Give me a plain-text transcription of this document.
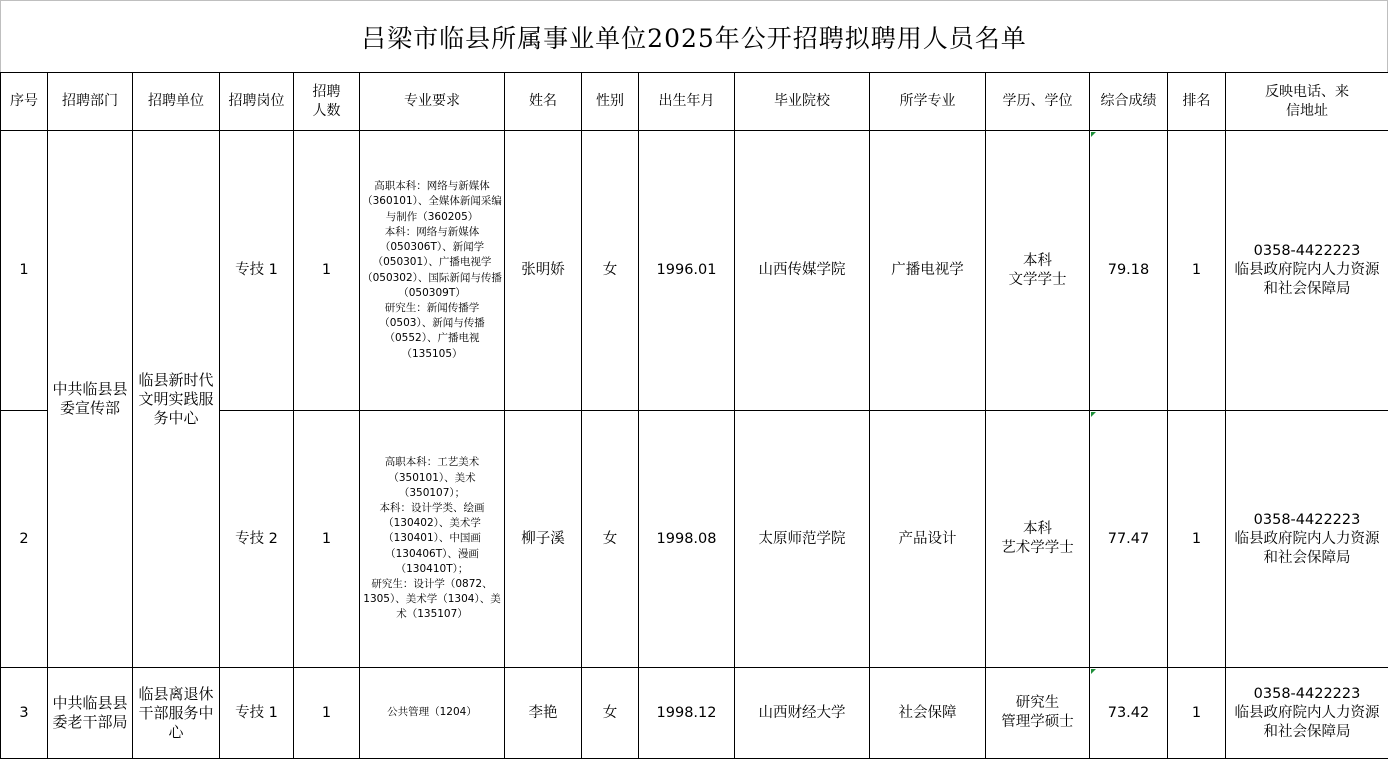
吕梁市临县所属事业单位2025年公开招聘拟聘用人员名单
序号	招聘部门	招聘单位	招聘岗位	招聘人数	专业要求	姓名	性别	出生年月	毕业院校	所学专业	学历、学位	综合成绩	排名	反映电话、来信地址
1	中共临县县委宣传部	临县新时代文明实践服务中心	专技 1	1	高职本科：网络与新媒体（360101）、全媒体新闻采编与制作（360205）
本科：网络与新媒体（050306T）、新闻学（050301）、广播电视学（050302）、国际新闻与传播（050309T）
研究生：新闻传播学（0503）、新闻与传播（0552）、广播电视（135105）	张明娇	女	1996.01	山西传媒学院	广播电视学	本科
文学学士	79.18	1	0358-4422223
临县政府院内人力资源和社会保障局
2			专技 2	1	高职本科：工艺美术（350101）、美术（350107）；
本科：设计学类、绘画（130402）、美术学（130401）、中国画（130406T）、漫画（130410T）；
研究生：设计学（0872、1305）、美术学（1304）、美术（135107）	柳子溪	女	1998.08	太原师范学院	产品设计	本科
艺术学学士	77.47	1	0358-4422223
临县政府院内人力资源和社会保障局
3	中共临县县委老干部局	临县离退休干部服务中心	专技 1	1	公共管理（1204）	李艳	女	1998.12	山西财经大学	社会保障	研究生
管理学硕士	73.42	1	0358-4422223
临县政府院内人力资源和社会保障局
